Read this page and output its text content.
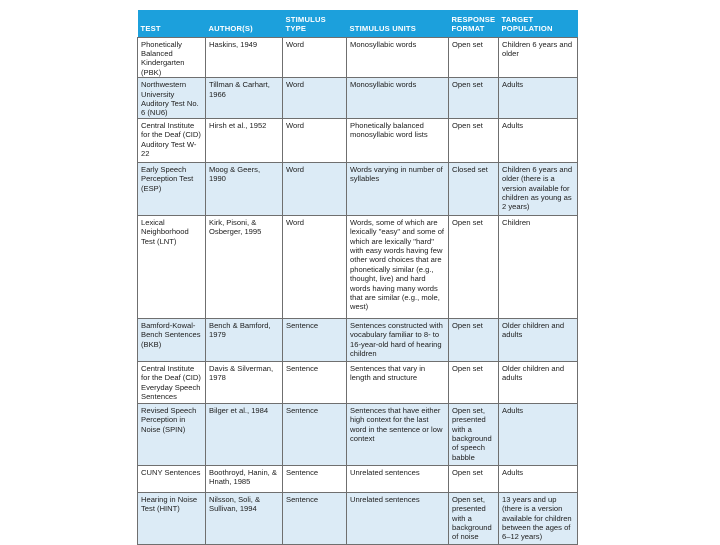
TEST	AUTHOR(S)	STIMULUS TYPE	STIMULUS UNITS	RESPONSE FORMAT	TARGET POPULATION
Phonetically Balanced Kindergarten (PBK)	Haskins, 1949	Word	Monosyllabic words	Open set	Children 6 years and older
Northwestern University Auditory Test No. 6 (NU6)	Tillman & Carhart, 1966	Word	Monosyllabic words	Open set	Adults
Central Institute for the Deaf (CID) Auditory Test W-22	Hirsh et al., 1952	Word	Phonetically balanced monosyllabic word lists	Open set	Adults
Early Speech Perception Test (ESP)	Moog & Geers, 1990	Word	Words varying in number of syllables	Closed set	Children 6 years and older (there is a version available for children as young as 2 years)
Lexical Neighborhood Test (LNT)	Kirk, Pisoni, & Osberger, 1995	Word	Words, some of which are lexically "easy" and some of which are lexically "hard" with easy words having few other word choices that are phonetically similar (e.g., thought, live) and hard words having many words that are similar (e.g., mole, west)	Open set	Children
Bamford-Kowal-Bench Sentences (BKB)	Bench & Bamford, 1979	Sentence	Sentences constructed with vocabulary familiar to 8- to 16-year-old hard of hearing children	Open set	Older children and adults
Central Institute for the Deaf (CID) Everyday Speech Sentences	Davis & Silverman, 1978	Sentence	Sentences that vary in length and structure	Open set	Older children and adults
Revised Speech Perception in Noise (SPIN)	Bilger et al., 1984	Sentence	Sentences that have either high context for the last word in the sentence or low context	Open set, presented with a background of speech babble	Adults
CUNY Sentences	Boothroyd, Hanin, & Hnath, 1985	Sentence	Unrelated sentences	Open set	Adults
Hearing in Noise Test (HINT)	Nilsson, Soli, & Sullivan, 1994	Sentence	Unrelated sentences	Open set, presented with a background of noise	13 years and up (there is a version available for children between the ages of 6–12 years)
